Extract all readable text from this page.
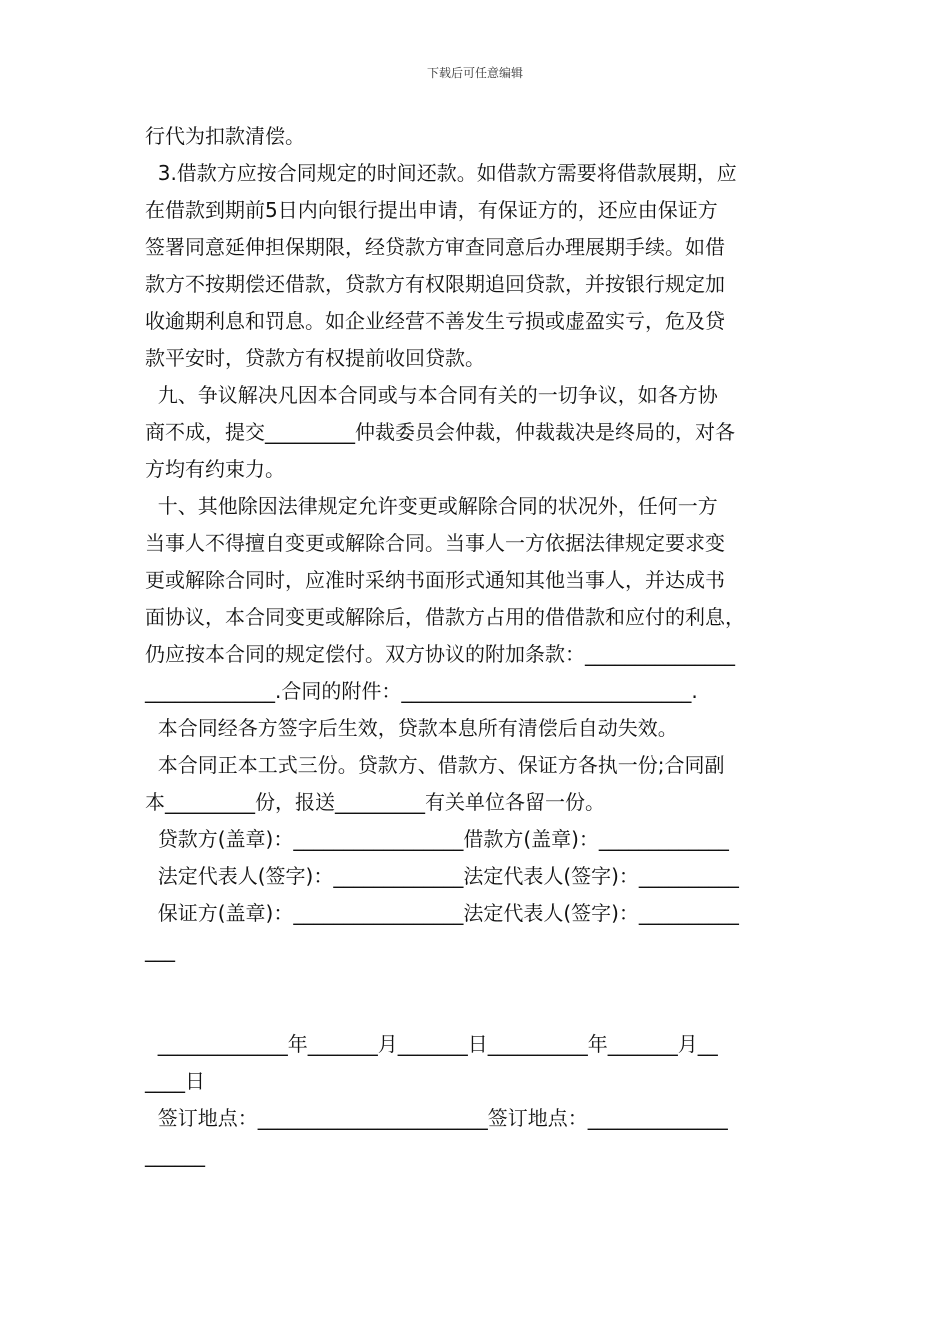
下载后可任意编辑
行代为扣款清偿。
3.借款方应按合同规定的时间还款。如借款方需要将借款展期，应
在借款到期前5日内向银行提出申请，有保证方的，还应由保证方
签署同意延伸担保期限，经贷款方审查同意后办理展期手续。如借
款方不按期偿还借款，贷款方有权限期追回贷款，并按银行规定加
收逾期利息和罚息。如企业经营不善发生亏损或虚盈实亏，危及贷
款平安时，贷款方有权提前收回贷款。
九、争议解决凡因本合同或与本合同有关的一切争议，如各方协
商不成，提交_________仲裁委员会仲裁，仲裁裁决是终局的，对各
方均有约束力。
十、其他除因法律规定允许变更或解除合同的状况外，任何一方
当事人不得擅自变更或解除合同。当事人一方依据法律规定要求变
更或解除合同时，应准时采纳书面形式通知其他当事人，并达成书
面协议，本合同变更或解除后，借款方占用的借借款和应付的利息，
仍应按本合同的规定偿付。双方协议的附加条款：_______________
_____________.合同的附件：_____________________________.
本合同经各方签字后生效，贷款本息所有清偿后自动失效。
本合同正本工式三份。贷款方、借款方、保证方各执一份;合同副
本_________份，报送_________有关单位各留一份。
贷款方(盖章)：_________________借款方(盖章)：_____________
法定代表人(签字)：_____________法定代表人(签字)：__________
保证方(盖章)：_________________法定代表人(签字)：__________
___
_____________年_______月_______日__________年_______月__
____日
签订地点：_______________________签订地点：______________
______
